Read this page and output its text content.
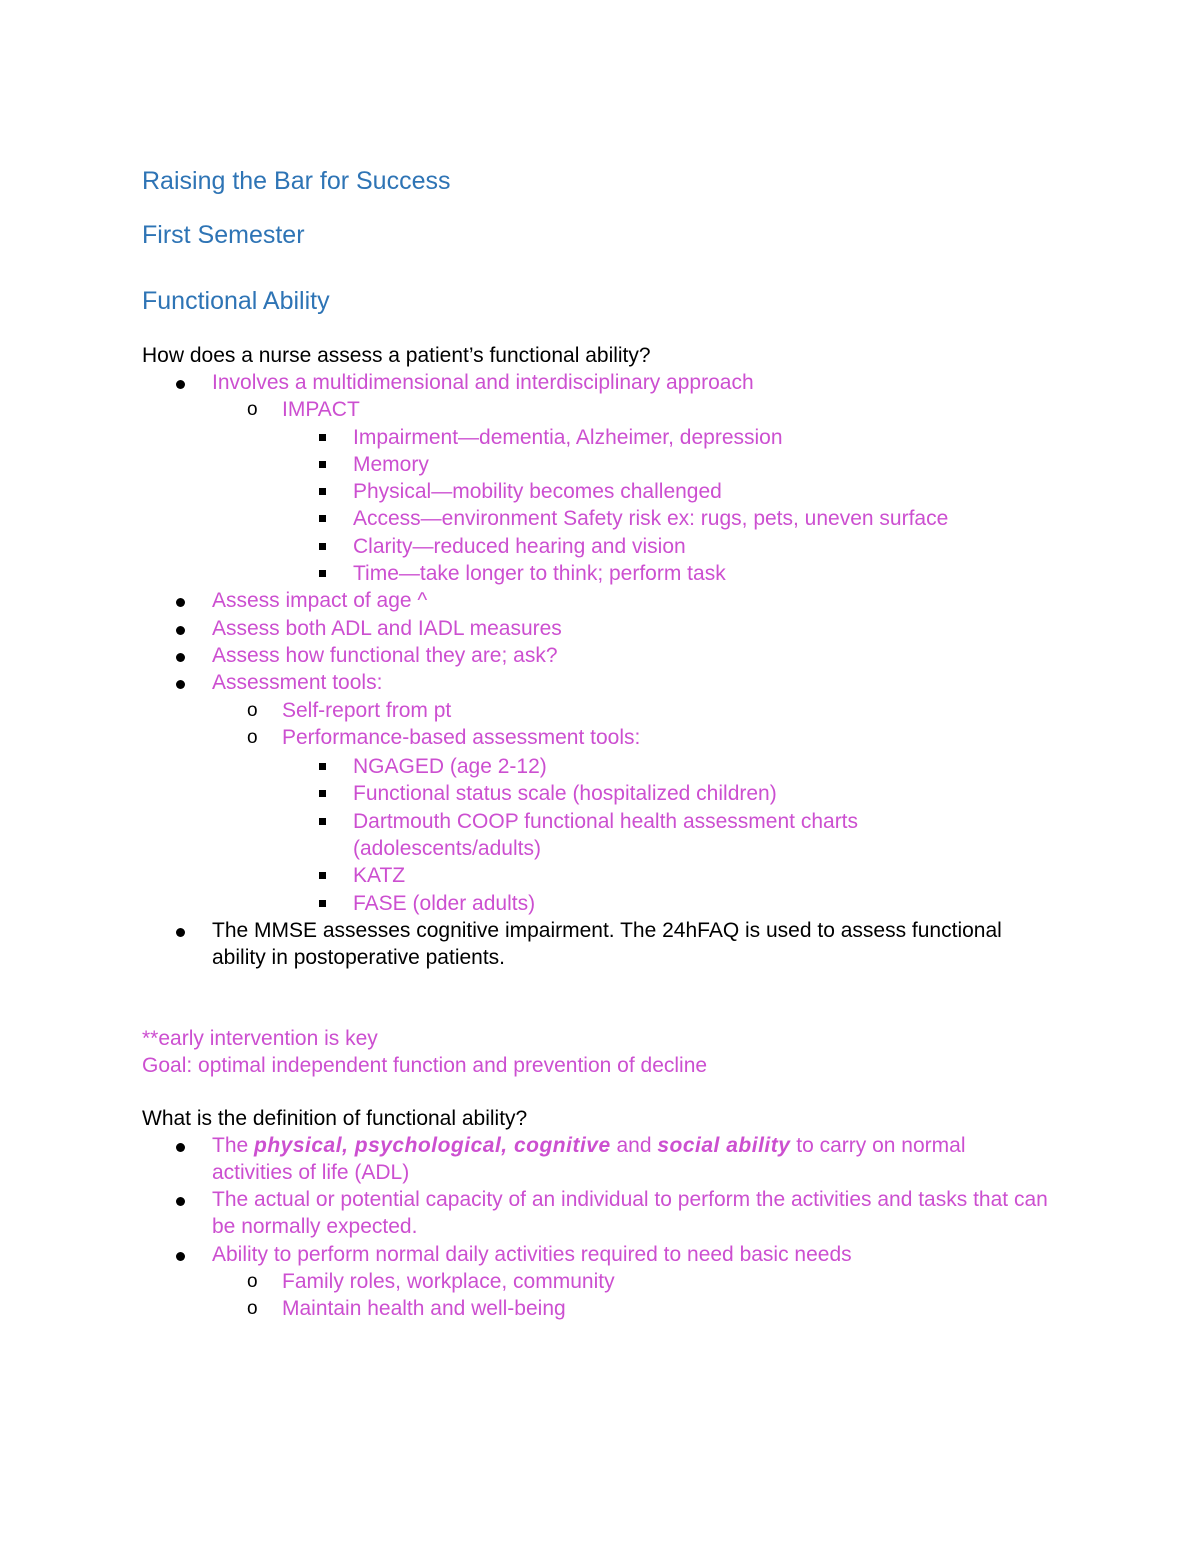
Raising the Bar for Success
First Semester
Functional Ability

How does a nurse assess a patient’s functional ability?

Involves a multidimensional and interdisciplinary approach
o IMPACT
Impairment—dementia, Alzheimer, depression
Memory
Physical—mobility becomes challenged
Access—environment Safety risk ex: rugs, pets, uneven surface
Clarity—reduced hearing and vision
Time—take longer to think; perform task
Assess impact of age ^
Assess both ADL and IADL measures
Assess how functional they are; ask?
Assessment tools:
o Self-report from pt
o Performance-based assessment tools:
NGAGED (age 2-12)
Functional status scale (hospitalized children)
Dartmouth COOP functional health assessment charts (adolescents/adults)
KATZ
FASE (older adults)
The MMSE assesses cognitive impairment. The 24hFAQ is used to assess functional ability in postoperative patients.
**early intervention is key
Goal: optimal independent function and prevention of decline

What is the definition of functional ability?

The physical, psychological, cognitive and social ability to carry on normal activities of life (ADL)
The actual or potential capacity of an individual to perform the activities and tasks that can be normally expected.
Ability to perform normal daily activities required to need basic needs
o Family roles, workplace, community
o Maintain health and well-being
